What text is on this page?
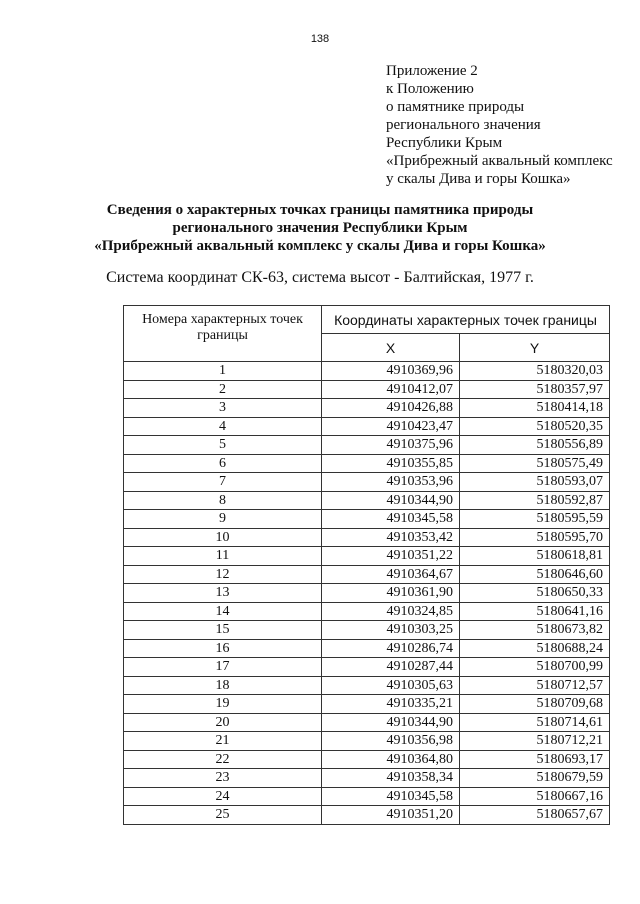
138
Приложение 2
к Положению
о памятнике природы
регионального значения
Республики Крым
«Прибрежный аквальный комплекс
у скалы Дива и горы Кошка»
Сведения о характерных точках границы памятника природы
регионального значения Республики Крым
«Прибрежный аквальный комплекс у скалы Дива и горы Кошка»
Система координат СК-63, система высот - Балтийская, 1977 г.
Номера характерных точек границы	Координаты характерных точек границы	
	X	Y
1	4910369,96	5180320,03
2	4910412,07	5180357,97
3	4910426,88	5180414,18
4	4910423,47	5180520,35
5	4910375,96	5180556,89
6	4910355,85	5180575,49
7	4910353,96	5180593,07
8	4910344,90	5180592,87
9	4910345,58	5180595,59
10	4910353,42	5180595,70
11	4910351,22	5180618,81
12	4910364,67	5180646,60
13	4910361,90	5180650,33
14	4910324,85	5180641,16
15	4910303,25	5180673,82
16	4910286,74	5180688,24
17	4910287,44	5180700,99
18	4910305,63	5180712,57
19	4910335,21	5180709,68
20	4910344,90	5180714,61
21	4910356,98	5180712,21
22	4910364,80	5180693,17
23	4910358,34	5180679,59
24	4910345,58	5180667,16
25	4910351,20	5180657,67
